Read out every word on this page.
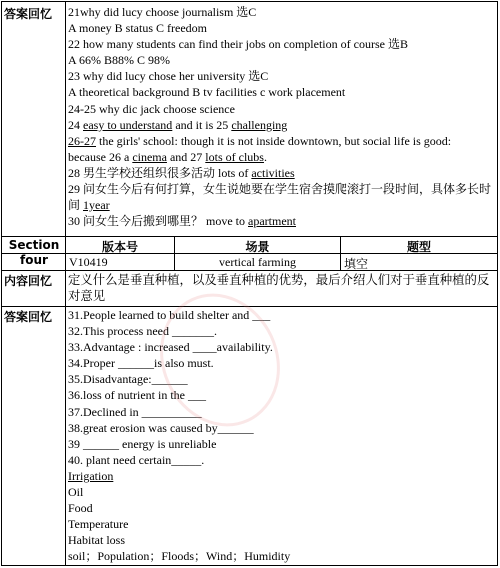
答案回忆	21why did lucy choose journalism 选C
A money B status C freedom
22 how many students can find their jobs on completion of course 选B
A 66% B88% C 98%
23 why did lucy chose her university 选C
A theoretical background B tv facilities c work placement
24-25 why dic jack choose science
24 easy to understand and it is 25 challenging
26-27 the girls' school: though it is not inside downtown, but social life is good:
because 26 a cinema and 27 lots of clubs.
28 男生学校还组织很多活动 lots of activities
29 问女生今后有何打算，女生说她要在学生宿舍摸爬滚打一段时间，具体多长时间 1year
30 问女生今后搬到哪里？ move to apartment
Section four
版本号	场景	题型
V10419	vertical farming	填空
内容回忆	定义什么是垂直种植，以及垂直种植的优势，最后介绍人们对于垂直种植的反对意见
答案回忆	31.People learned to build shelter and ___
32.This process need _______.
33.Advantage : increased ____availability.
34.Proper ______is also must.
35.Disadvantage:______
36.loss of nutrient in the ___
37.Declined in __________
38.great erosion was caused by______
39 ______ energy is unreliable
40. plant need certain_____.
Irrigation
Oil
Food
Temperature
Habitat loss
soil；Population；Floods；Wind；Humidity
